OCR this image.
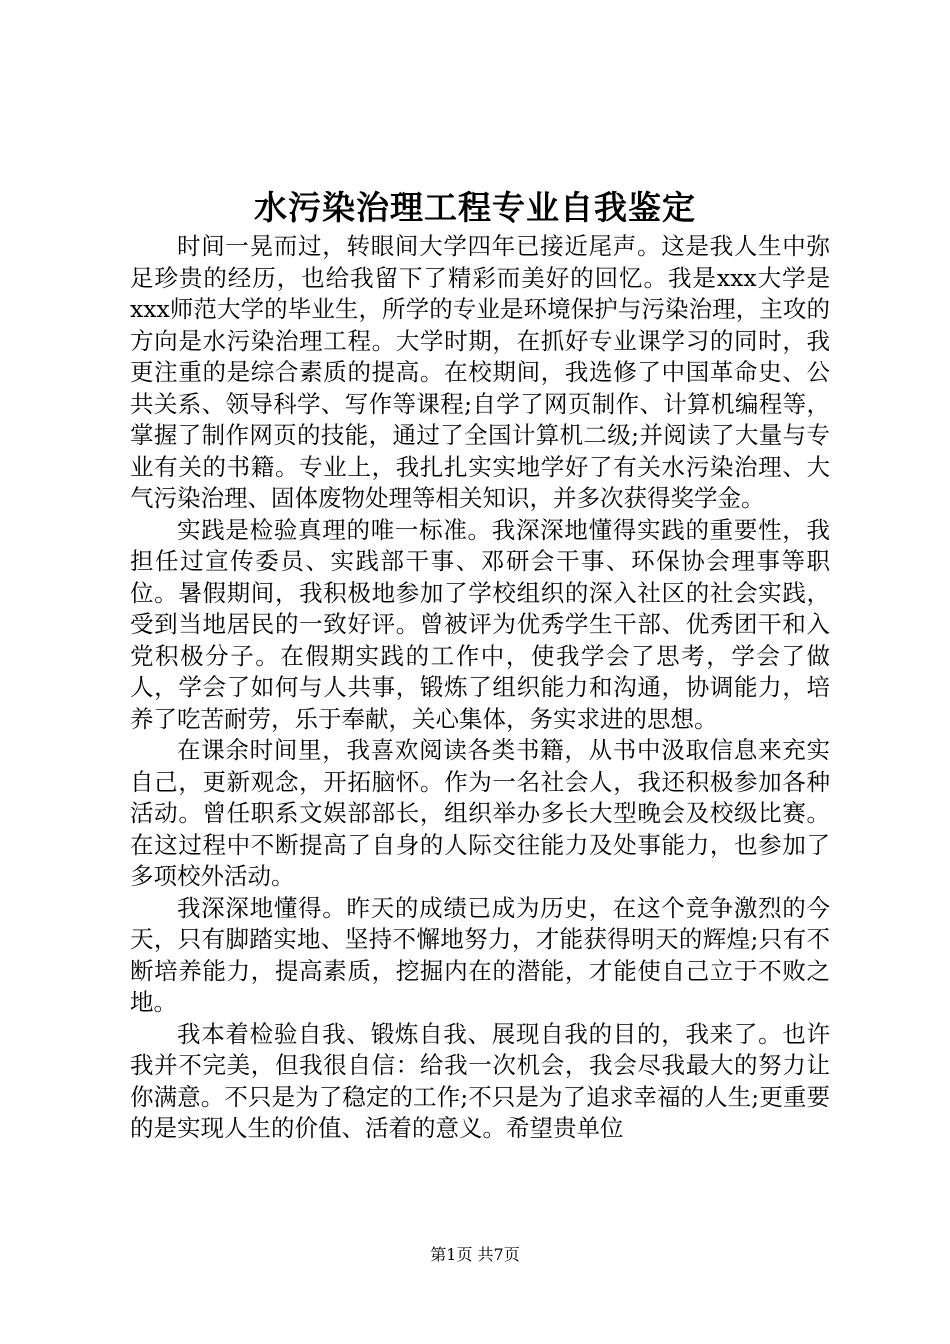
水污染治理工程专业自我鉴定

时间一晃而过，转眼间大学四年已接近尾声。这是我人生中弥足珍贵的经历，也给我留下了精彩而美好的回忆。我是xxx大学是xxx师范大学的毕业生，所学的专业是环境保护与污染治理，主攻的方向是水污染治理工程。大学时期，在抓好专业课学习的同时，我更注重的是综合素质的提高。在校期间，我选修了中国革命史、公共关系、领导科学、写作等课程;自学了网页制作、计算机编程等，掌握了制作网页的技能，通过了全国计算机二级;并阅读了大量与专业有关的书籍。专业上，我扎扎实实地学好了有关水污染治理、大气污染治理、固体废物处理等相关知识，并多次获得奖学金。

实践是检验真理的唯一标准。我深深地懂得实践的重要性，我担任过宣传委员、实践部干事、邓研会干事、环保协会理事等职位。暑假期间，我积极地参加了学校组织的深入社区的社会实践，受到当地居民的一致好评。曾被评为优秀学生干部、优秀团干和入党积极分子。在假期实践的工作中，使我学会了思考，学会了做人，学会了如何与人共事，锻炼了组织能力和沟通，协调能力，培养了吃苦耐劳，乐于奉献，关心集体，务实求进的思想。

在课余时间里，我喜欢阅读各类书籍，从书中汲取信息来充实自己，更新观念，开拓脑怀。作为一名社会人，我还积极参加各种活动。曾任职系文娱部部长，组织举办多长大型晚会及校级比赛。在这过程中不断提高了自身的人际交往能力及处事能力，也参加了多项校外活动。

我深深地懂得。昨天的成绩已成为历史，在这个竞争激烈的今天，只有脚踏实地、坚持不懈地努力，才能获得明天的辉煌;只有不断培养能力，提高素质，挖掘内在的潜能，才能使自己立于不败之地。

我本着检验自我、锻炼自我、展现自我的目的，我来了。也许我并不完美，但我很自信：给我一次机会，我会尽我最大的努力让你满意。不只是为了稳定的工作;不只是为了追求幸福的人生;更重要的是实现人生的价值、活着的意义。希望贵单位

第1页 共7页
